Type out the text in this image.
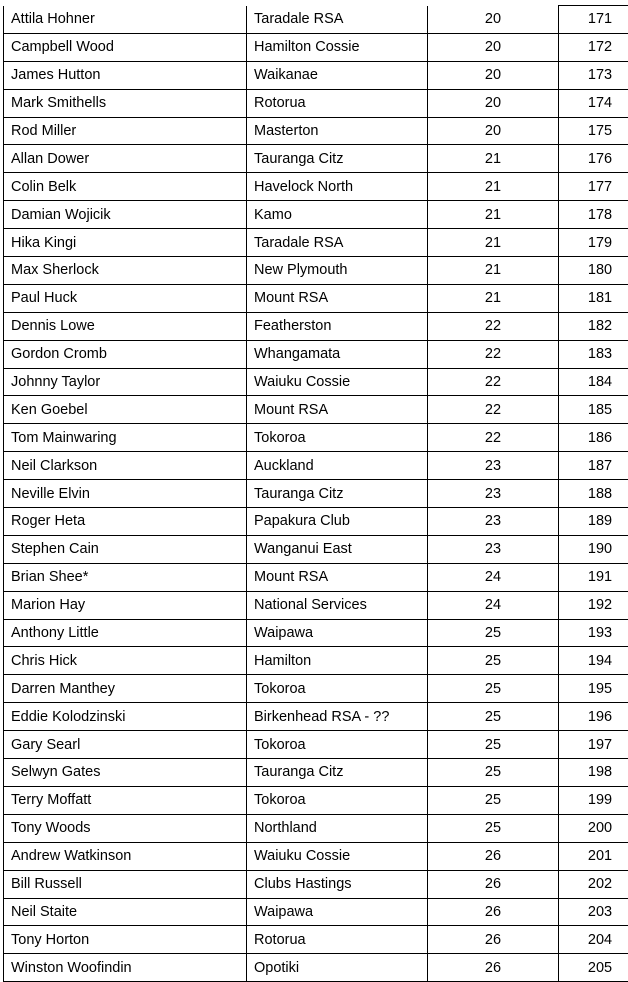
Attila Hohner	Taradale RSA	20	171
Campbell Wood	Hamilton Cossie	20	172
James Hutton	Waikanae	20	173
Mark Smithells	Rotorua	20	174
Rod Miller	Masterton	20	175
Allan Dower	Tauranga Citz	21	176
Colin Belk	Havelock North	21	177
Damian Wojicik	Kamo	21	178
Hika Kingi	Taradale RSA	21	179
Max Sherlock	New Plymouth	21	180
Paul Huck	Mount RSA	21	181
Dennis Lowe	Featherston	22	182
Gordon Cromb	Whangamata	22	183
Johnny Taylor	Waiuku Cossie	22	184
Ken Goebel	Mount RSA	22	185
Tom Mainwaring	Tokoroa	22	186
Neil Clarkson	Auckland	23	187
Neville Elvin	Tauranga Citz	23	188
Roger Heta	Papakura Club	23	189
Stephen Cain	Wanganui East	23	190
Brian Shee*	Mount RSA	24	191
Marion Hay	National Services	24	192
Anthony Little	Waipawa	25	193
Chris Hick	Hamilton	25	194
Darren Manthey	Tokoroa	25	195
Eddie Kolodzinski	Birkenhead RSA - ??	25	196
Gary Searl	Tokoroa	25	197
Selwyn Gates	Tauranga Citz	25	198
Terry Moffatt	Tokoroa	25	199
Tony Woods	Northland	25	200
Andrew Watkinson	Waiuku Cossie	26	201
Bill Russell	Clubs Hastings	26	202
Neil Staite	Waipawa	26	203
Tony Horton	Rotorua	26	204
Winston Woofindin	Opotiki	26	205
